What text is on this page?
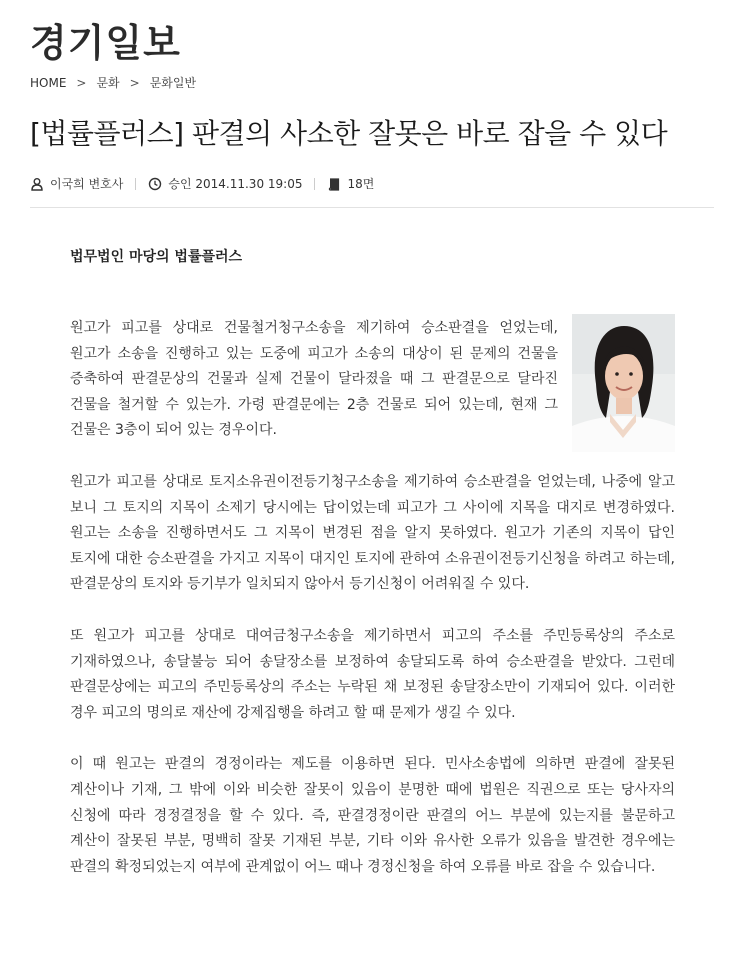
경기일보
HOME > 문화 > 문화일반
[법률플러스] 판결의 사소한 잘못은 바로 잡을 수 있다
이국희 변호사	승인 2014.11.30 19:05	18면
법무법인 마당의 법률플러스

원고가 피고를 상대로 건물철거청구소송을 제기하여 승소판결을 얻었는데, 원고가 소송을 진행하고 있는 도중에 피고가 소송의 대상이 된 문제의 건물을 증축하여 판결문상의 건물과 실제 건물이 달라졌을 때 그 판결문으로 달라진 건물을 철거할 수 있는가. 가령 판결문에는 2층 건물로 되어 있는데, 현재 그 건물은 3층이 되어 있는 경우이다.

원고가 피고를 상대로 토지소유권이전등기청구소송을 제기하여 승소판결을 얻었는데, 나중에 알고 보니 그 토지의 지목이 소제기 당시에는 답이었는데 피고가 그 사이에 지목을 대지로 변경하였다. 원고는 소송을 진행하면서도 그 지목이 변경된 점을 알지 못하였다. 원고가 기존의 지목이 답인 토지에 대한 승소판결을 가지고 지목이 대지인 토지에 관하여 소유권이전등기신청을 하려고 하는데, 판결문상의 토지와 등기부가 일치되지 않아서 등기신청이 어려워질 수 있다.

또 원고가 피고를 상대로 대여금청구소송을 제기하면서 피고의 주소를 주민등록상의 주소로 기재하였으나, 송달불능 되어 송달장소를 보정하여 송달되도록 하여 승소판결을 받았다. 그런데 판결문상에는 피고의 주민등록상의 주소는 누락된 채 보정된 송달장소만이 기재되어 있다. 이러한 경우 피고의 명의로 재산에 강제집행을 하려고 할 때 문제가 생길 수 있다.

이 때 원고는 판결의 경정이라는 제도를 이용하면 된다. 민사소송법에 의하면 판결에 잘못된 계산이나 기재, 그 밖에 이와 비슷한 잘못이 있음이 분명한 때에 법원은 직권으로 또는 당사자의 신청에 따라 경정결정을 할 수 있다. 즉, 판결경정이란 판결의 어느 부분에 있는지를 불문하고 계산이 잘못된 부분, 명백히 잘못 기재된 부분, 기타 이와 유사한 오류가 있음을 발견한 경우에는 판결의 확정되었는지 여부에 관계없이 어느 때나 경정신청을 하여 오류를 바로 잡을 수 있습니다.
